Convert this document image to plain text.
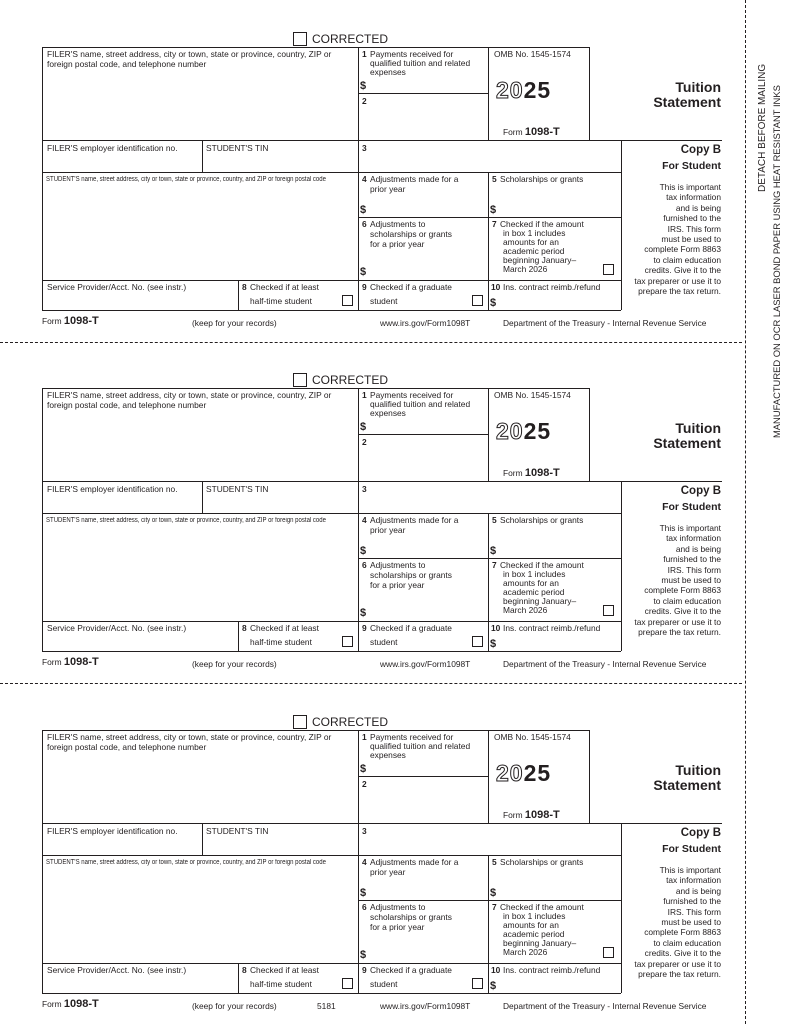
CORRECTED
FILER'S name, street address, city or town, state or province, country, ZIP or
foreign postal code, and telephone number
1 Payments received for
qualified tuition and related
expenses
$
2
OMB No. 1545-1574
2025
Form 1098-T
Tuition
Statement
FILER'S employer identification no.	STUDENT'S TIN	3	Copy B
For Student
STUDENT'S name, street address, city or town, state or province, country, and ZIP or foreign postal code	4 Adjustments made for a
prior year
$
5 Scholarships or grants
$
6 Adjustments to
scholarships or grants
for a prior year
$
7 Checked if the amount
in box 1 includes
amounts for an
academic period
beginning January–
March 2026
This is important
tax information
and is being
furnished to the
IRS. This form
must be used to
complete Form 8863
to claim education
credits. Give it to the
tax preparer or use it to
prepare the tax return.
Service Provider/Acct. No. (see instr.)	8 Checked if at least
half-time student
9 Checked if a graduate
student
10 Ins. contract reimb./refund
$
Form 1098-T	(keep for your records)	www.irs.gov/Form1098T	Department of the Treasury - Internal Revenue Service
CORRECTED
FILER'S name, street address, city or town, state or province, country, ZIP or
foreign postal code, and telephone number
1 Payments received for
qualified tuition and related
expenses
$
2
OMB No. 1545-1574
2025
Form 1098-T
Tuition
Statement
FILER'S employer identification no.	STUDENT'S TIN	3	Copy B
For Student
STUDENT'S name, street address, city or town, state or province, country, and ZIP or foreign postal code	4 Adjustments made for a
prior year
$
5 Scholarships or grants
$
6 Adjustments to
scholarships or grants
for a prior year
$
7 Checked if the amount
in box 1 includes
amounts for an
academic period
beginning January–
March 2026
This is important
tax information
and is being
furnished to the
IRS. This form
must be used to
complete Form 8863
to claim education
credits. Give it to the
tax preparer or use it to
prepare the tax return.
Service Provider/Acct. No. (see instr.)	8 Checked if at least
half-time student
9 Checked if a graduate
student
10 Ins. contract reimb./refund
$
Form 1098-T	(keep for your records)	www.irs.gov/Form1098T	Department of the Treasury - Internal Revenue Service
CORRECTED
FILER'S name, street address, city or town, state or province, country, ZIP or
foreign postal code, and telephone number
1 Payments received for
qualified tuition and related
expenses
$
2
OMB No. 1545-1574
2025
Form 1098-T
Tuition
Statement
FILER'S employer identification no.	STUDENT'S TIN	3	Copy B
For Student
STUDENT'S name, street address, city or town, state or province, country, and ZIP or foreign postal code	4 Adjustments made for a
prior year
$
5 Scholarships or grants
$
6 Adjustments to
scholarships or grants
for a prior year
$
7 Checked if the amount
in box 1 includes
amounts for an
academic period
beginning January–
March 2026
This is important
tax information
and is being
furnished to the
IRS. This form
must be used to
complete Form 8863
to claim education
credits. Give it to the
tax preparer or use it to
prepare the tax return.
Service Provider/Acct. No. (see instr.)	8 Checked if at least
half-time student
9 Checked if a graduate
student
10 Ins. contract reimb./refund
$
Form 1098-T	(keep for your records)	5181	www.irs.gov/Form1098T	Department of the Treasury - Internal Revenue Service
DETACH BEFORE MAILING MANUFACTURED ON OCR LASER BOND PAPER USING HEAT RESISTANT INKS
